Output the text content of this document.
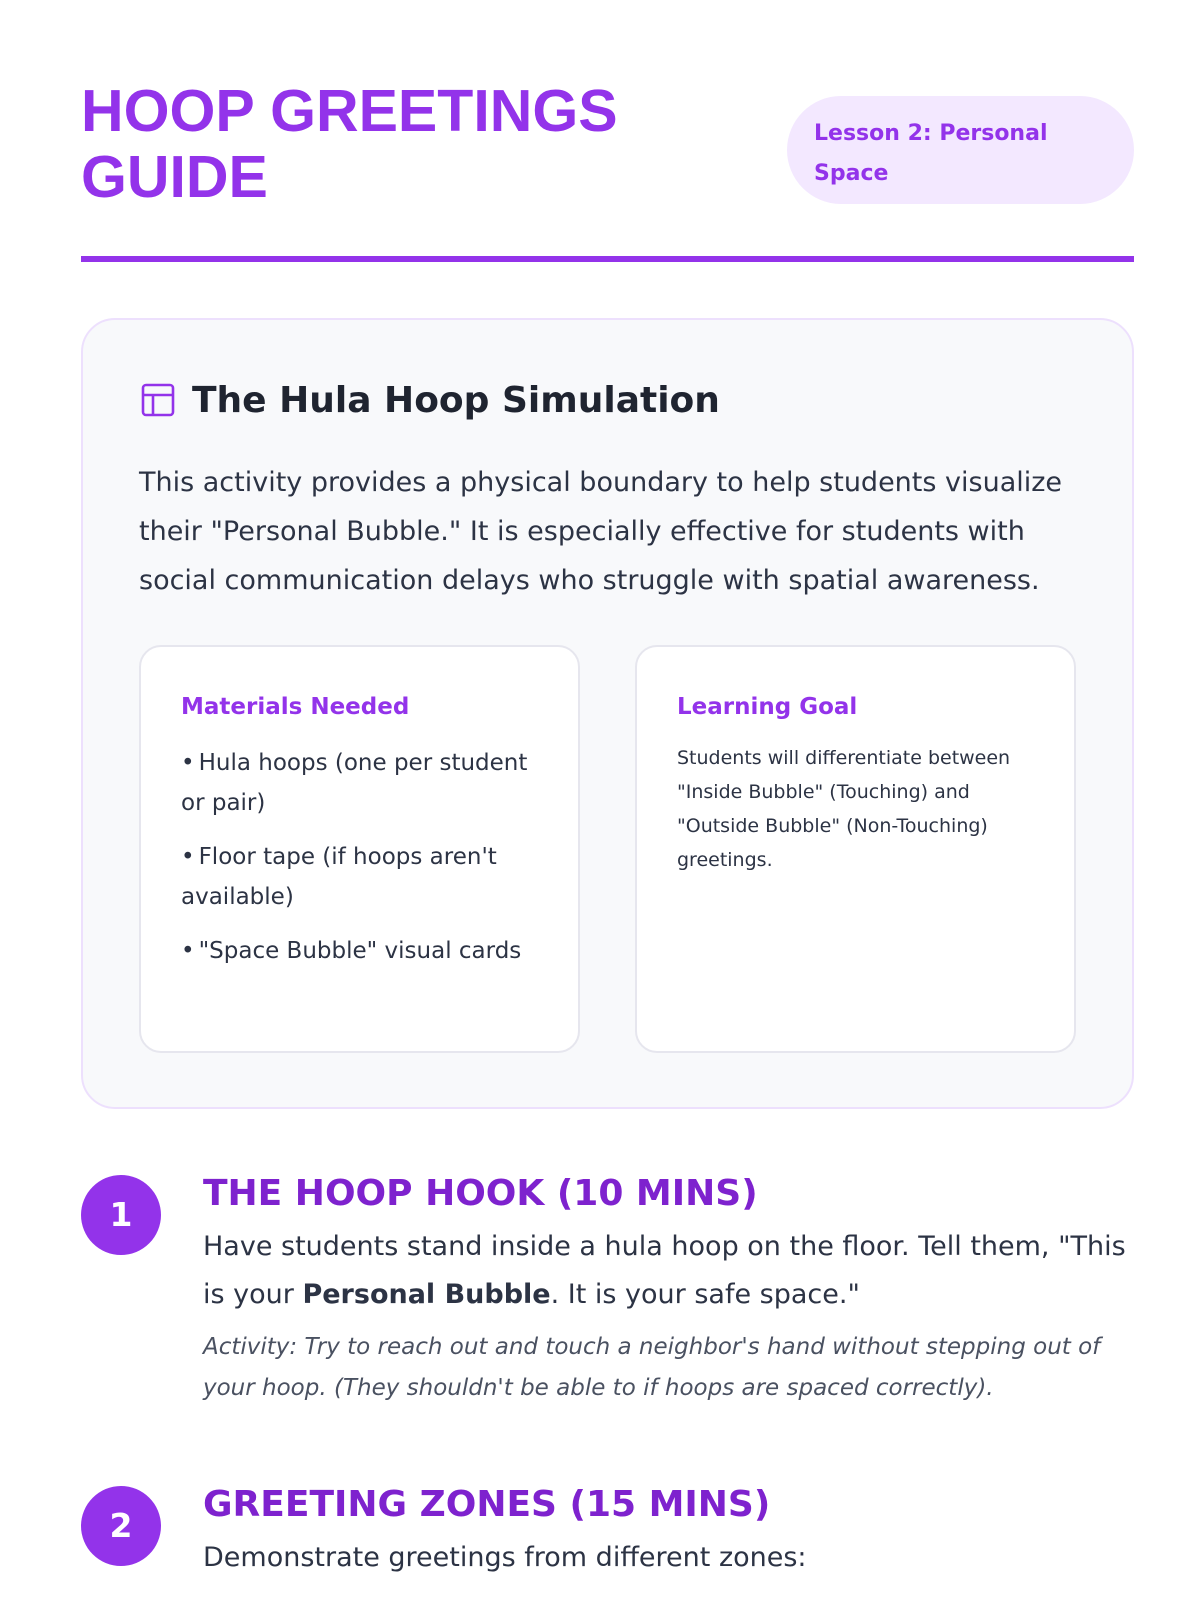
HOOP GREETINGS GUIDE
Lesson 2: Personal Space
The Hula Hoop Simulation

This activity provides a physical boundary to help students visualize their "Personal Bubble." It is especially effective for students with social communication delays who struggle with spatial awareness.

Materials Needed
• Hula hoops (one per student or pair)
• Floor tape (if hoops aren't available)
• "Space Bubble" visual cards
Learning Goal

Students will differentiate between "Inside Bubble" (Touching) and "Outside Bubble" (Non-Touching) greetings.

1
THE HOOP HOOK (10 MINS)

Have students stand inside a hula hoop on the floor. Tell them, "This is your Personal Bubble. It is your safe space."

Activity: Try to reach out and touch a neighbor's hand without stepping out of your hoop. (They shouldn't be able to if hoops are spaced correctly).

2
GREETING ZONES (15 MINS)

Demonstrate greetings from different zones:
